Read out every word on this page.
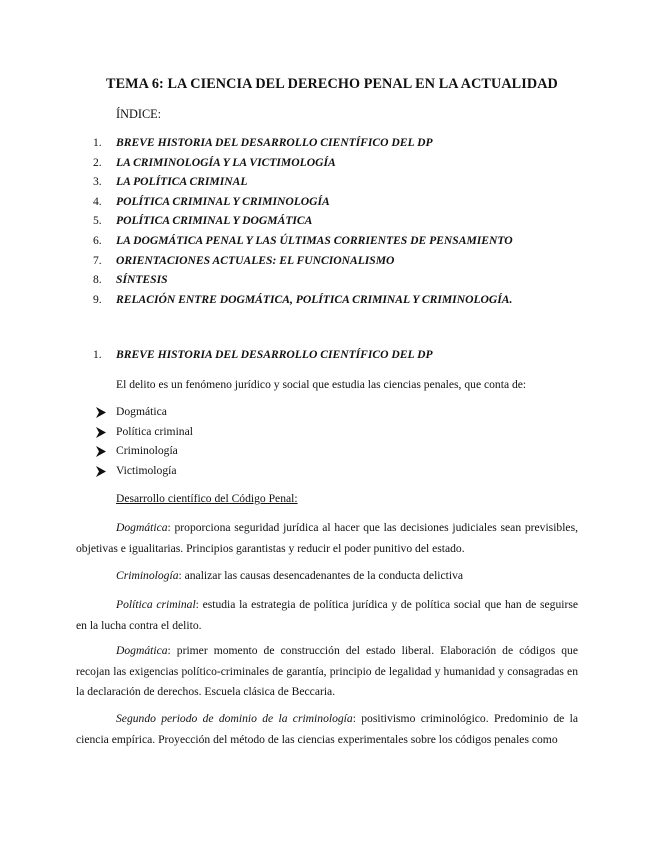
TEMA 6: LA CIENCIA DEL DERECHO PENAL EN LA ACTUALIDAD
ÍNDICE:
1.	BREVE HISTORIA DEL DESARROLLO CIENTÍFICO DEL DP
2.	LA CRIMINOLOGÍA Y LA VICTIMOLOGÍA
3.	LA POLÍTICA CRIMINAL
4.	POLÍTICA CRIMINAL Y CRIMINOLOGÍA
5.	POLÍTICA CRIMINAL Y DOGMÁTICA
6.	LA DOGMÁTICA PENAL Y LAS ÚLTIMAS CORRIENTES DE PENSAMIENTO
7.	ORIENTACIONES ACTUALES: EL FUNCIONALISMO
8.	SÍNTESIS
9.	RELACIÓN ENTRE DOGMÁTICA, POLÍTICA CRIMINAL Y CRIMINOLOGÍA.
1.	BREVE HISTORIA DEL DESARROLLO CIENTÍFICO DEL DP
El delito es un fenómeno jurídico y social que estudia las ciencias penales, que conta de:
Dogmática
Política criminal
Criminología
Victimología
Desarrollo científico del Código Penal:

Dogmática: proporciona seguridad jurídica al hacer que las decisiones judiciales sean previsibles, objetivas e igualitarias. Principios garantistas y reducir el poder punitivo del estado.

Criminología: analizar las causas desencadenantes de la conducta delictiva

Política criminal: estudia la estrategia de política jurídica y de política social que han de seguirse en la lucha contra el delito.

Dogmática: primer momento de construcción del estado liberal. Elaboración de códigos que recojan las exigencias político-criminales de garantía, principio de legalidad y humanidad y consagradas en la declaración de derechos. Escuela clásica de Beccaria.

Segundo periodo de dominio de la criminología: positivismo criminológico. Predominio de la ciencia empírica. Proyección del método de las ciencias experimentales sobre los códigos penales como
